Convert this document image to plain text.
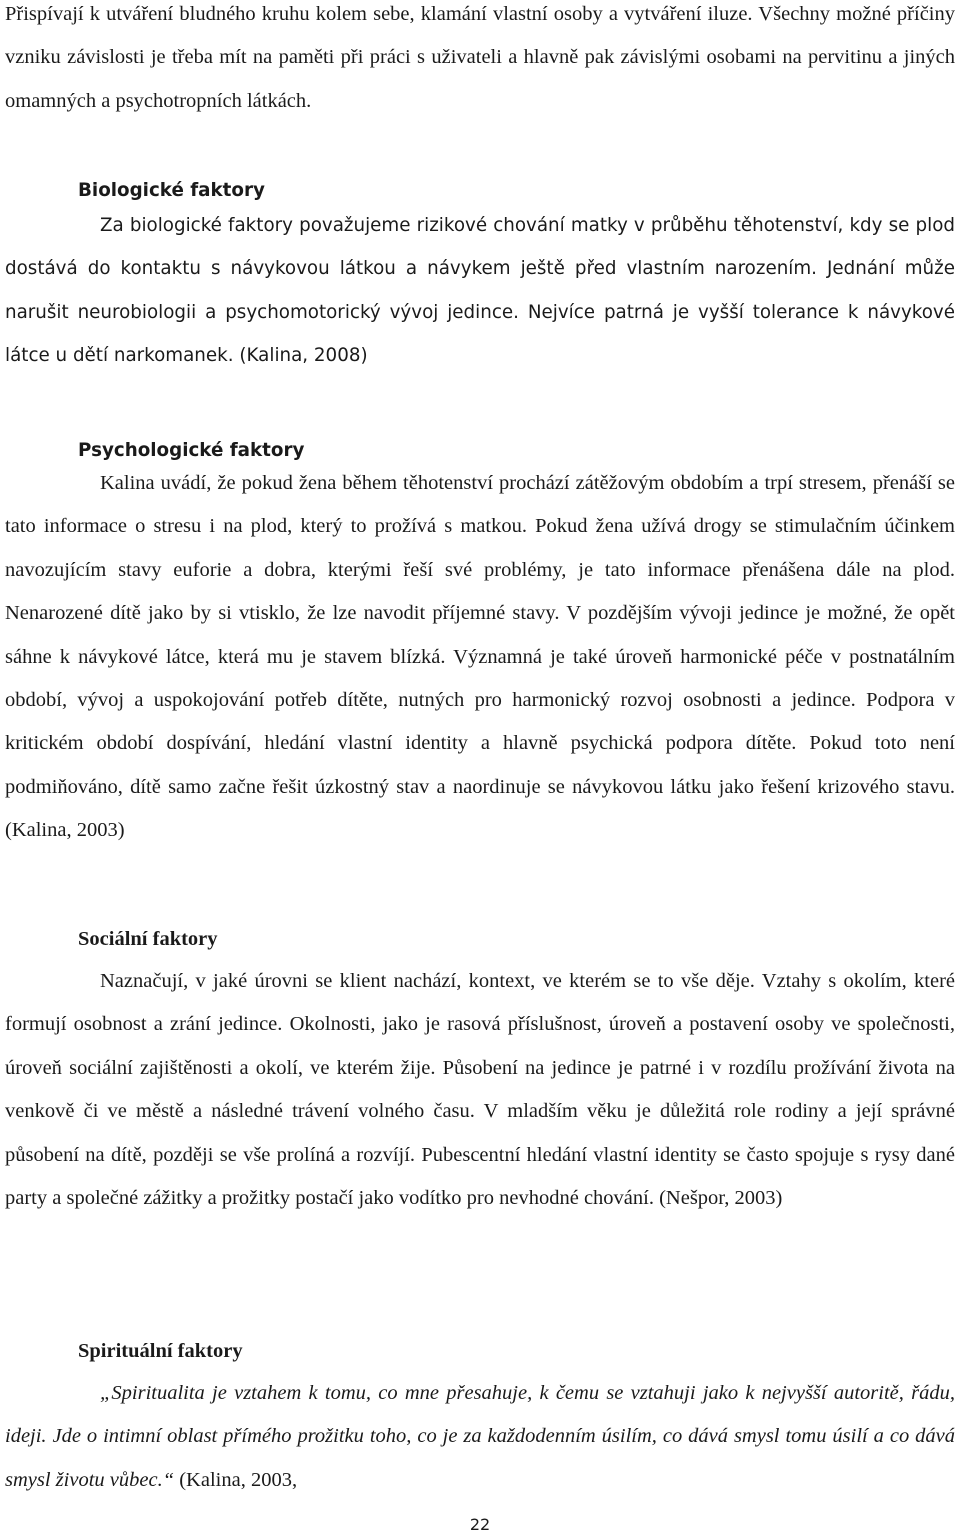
Přispívají k utváření bludného kruhu kolem sebe, klamání vlastní osoby a vytváření iluze. Všechny možné příčiny vzniku závislosti je třeba mít na paměti při práci s uživateli a hlavně pak závislými osobami na pervitinu a jiných omamných a psychotropních látkách.

Biologické faktory

Za biologické faktory považujeme rizikové chování matky v průběhu těhotenství, kdy se plod dostává do kontaktu s návykovou látkou a návykem ještě před vlastním narozením. Jednání může narušit neurobiologii a psychomotorický vývoj jedince. Nejvíce patrná je vyšší tolerance k návykové látce u dětí narkomanek. (Kalina, 2008)

Psychologické faktory

Kalina uvádí, že pokud žena během těhotenství prochází zátěžovým obdobím a trpí stresem, přenáší se tato informace o stresu i na plod, který to prožívá s matkou. Pokud žena užívá drogy se stimulačním účinkem navozujícím stavy euforie a dobra, kterými řeší své problémy, je tato informace přenášena dále na plod. Nenarozené dítě jako by si vtisklo, že lze navodit příjemné stavy. V pozdějším vývoji jedince je možné, že opět sáhne k návykové látce, která mu je stavem blízká. Významná je také úroveň harmonické péče v postnatálním období, vývoj a uspokojování potřeb dítěte, nutných pro harmonický rozvoj osobnosti a jedince. Podpora v kritickém období dospívání, hledání vlastní identity a hlavně psychická podpora dítěte. Pokud toto není podmiňováno, dítě samo začne řešit úzkostný stav a naordinuje se návykovou látku jako řešení krizového stavu. (Kalina, 2003)

Sociální faktory

Naznačují, v jaké úrovni se klient nachází, kontext, ve kterém se to vše děje. Vztahy s okolím, které formují osobnost a zrání jedince. Okolnosti, jako je rasová příslušnost, úroveň a postavení osoby ve společnosti, úroveň sociální zajištěnosti a okolí, ve kterém žije. Působení na jedince je patrné i v rozdílu prožívání života na venkově či ve městě a následné trávení volného času. V mladším věku je důležitá role rodiny a její správné působení na dítě, později se vše prolíná a rozvíjí. Pubescentní hledání vlastní identity se často spojuje s rysy dané party a společné zážitky a prožitky postačí jako vodítko pro nevhodné chování. (Nešpor, 2003)

Spirituální faktory

„Spiritualita je vztahem k tomu, co mne přesahuje, k čemu se vztahuji jako k nejvyšší autoritě, řádu, ideji. Jde o intimní oblast přímého prožitku toho, co je za každodenním úsilím, co dává smysl tomu úsilí a co dává smysl životu vůbec.“ (Kalina, 2003,

22
